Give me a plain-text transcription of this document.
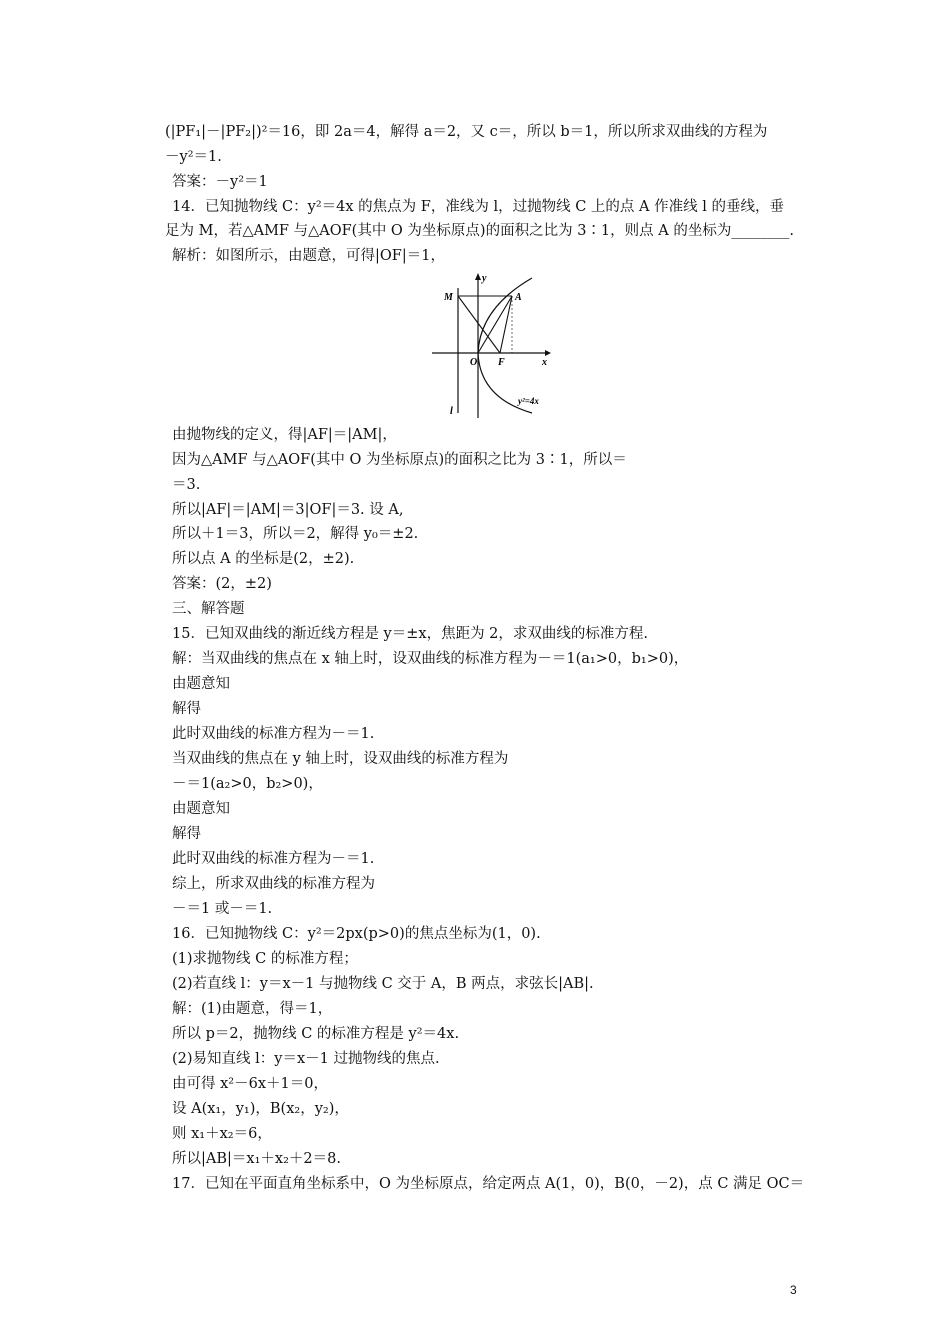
(|PF₁|－|PF₂|)²＝16，即 2a＝4，解得 a＝2，又 c＝，所以 b＝1，所以所求双曲线的方程为
－y²＝1.
答案：－y²＝1
14．已知抛物线 C：y²＝4x 的焦点为 F，准线为 l，过抛物线 C 上的点 A 作准线 l 的垂线，垂
足为 M，若△AMF 与△AOF(其中 O 为坐标原点)的面积之比为 3∶1，则点 A 的坐标为________.
解析：如图所示，由题意，可得|OF|＝1，
M
y
A
O F	x
l
y²=4x
由抛物线的定义，得|AF|＝|AM|，
因为△AMF 与△AOF(其中 O 为坐标原点)的面积之比为 3∶1，所以＝
＝3.
所以|AF|＝|AM|＝3|OF|＝3. 设 A,
所以＋1＝3，所以＝2，解得 y₀＝±2.
所以点 A 的坐标是(2，±2).
答案：(2，±2)
三、解答题
15．已知双曲线的渐近线方程是 y＝±x，焦距为 2，求双曲线的标准方程.
解：当双曲线的焦点在 x 轴上时，设双曲线的标准方程为－＝1(a₁>0，b₁>0)，
由题意知
解得
此时双曲线的标准方程为－＝1.
当双曲线的焦点在 y 轴上时，设双曲线的标准方程为
－＝1(a₂>0，b₂>0)，
由题意知
解得
此时双曲线的标准方程为－＝1.
综上，所求双曲线的标准方程为
－＝1 或－＝1.
16．已知抛物线 C：y²＝2px(p>0)的焦点坐标为(1，0).
(1)求抛物线 C 的标准方程；
(2)若直线 l：y＝x－1 与抛物线 C 交于 A，B 两点，求弦长|AB|.
解：(1)由题意，得＝1，
所以 p＝2，抛物线 C 的标准方程是 y²＝4x.
(2)易知直线 l：y＝x－1 过抛物线的焦点.
由可得 x²－6x＋1＝0，
设 A(x₁，y₁)，B(x₂，y₂)，
则 x₁＋x₂＝6，
所以|AB|＝x₁＋x₂＋2＝8.
17．已知在平面直角坐标系中，O 为坐标原点，给定两点 A(1，0)，B(0，－2)，点 C 满足 OC＝
3
